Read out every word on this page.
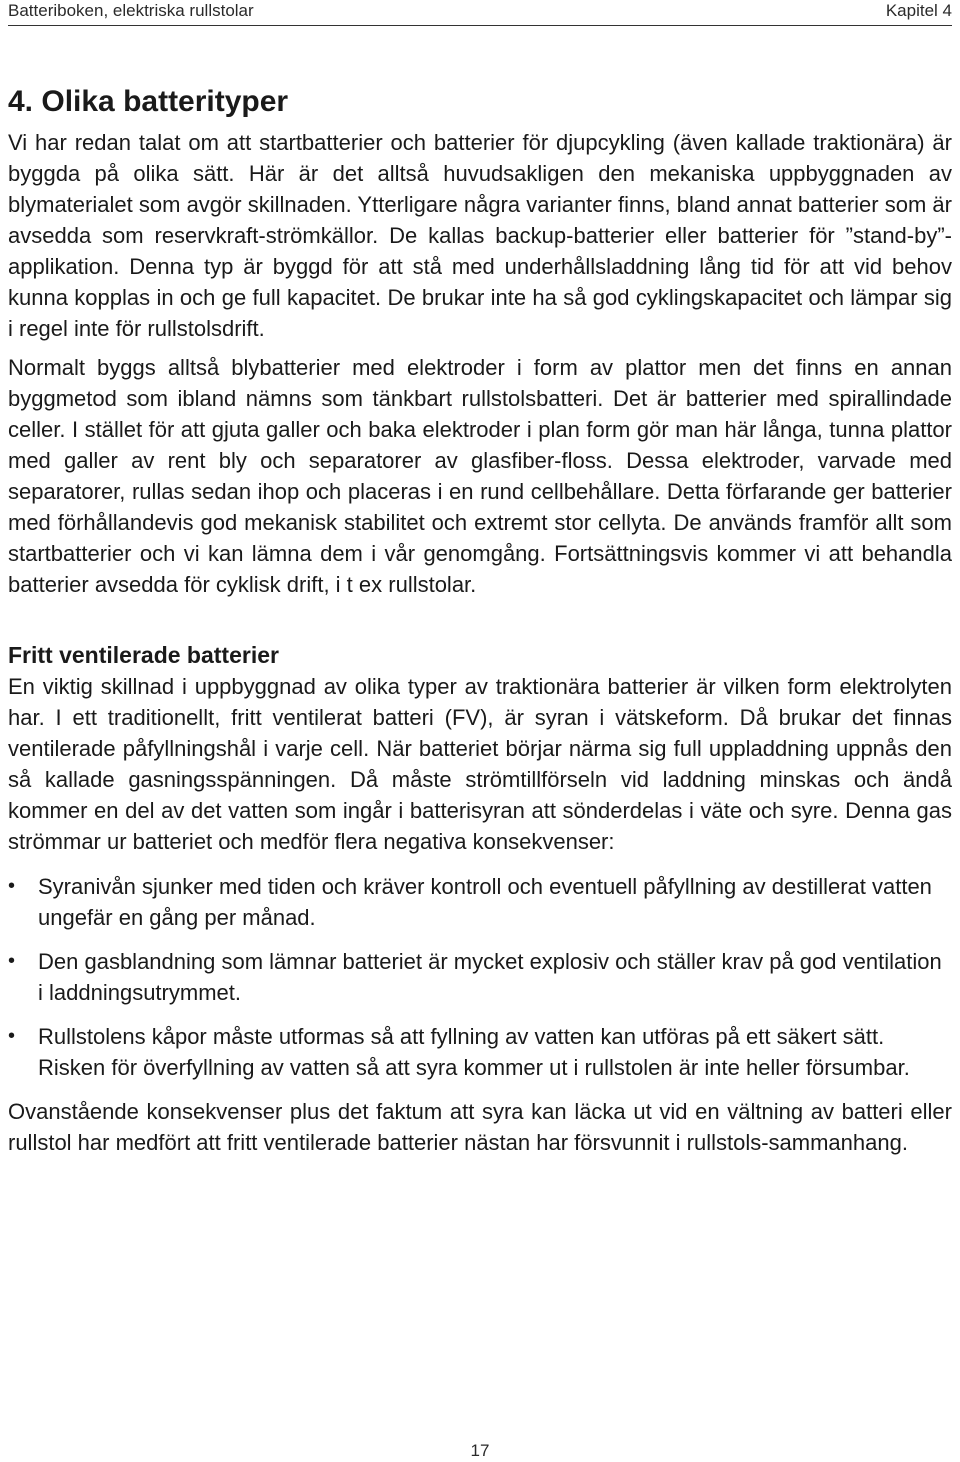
Batteriboken, elektriska rullstolar	Kapitel 4
4. Olika batterityper

Vi har redan talat om att startbatterier och batterier för djupcykling (även kallade traktionära) är byggda på olika sätt. Här är det alltså huvudsakligen den mekaniska uppbyggnaden av blymaterialet som avgör skillnaden. Ytterligare några varianter finns, bland annat batterier som är avsedda som reservkraft-strömkällor. De kallas backup-batterier eller batterier för ”stand-by”-applikation. Denna typ är byggd för att stå med underhållsladdning lång tid för att vid behov kunna kopplas in och ge full kapacitet. De brukar inte ha så god cyklingskapacitet och lämpar sig i regel inte för rullstolsdrift.

Normalt byggs alltså blybatterier med elektroder i form av plattor men det finns en annan byggmetod som ibland nämns som tänkbart rullstolsbatteri. Det är batterier med spirallindade celler. I stället för att gjuta galler och baka elektroder i plan form gör man här långa, tunna plattor med galler av rent bly och separatorer av glasfiber-floss. Dessa elektroder, varvade med separatorer, rullas sedan ihop och placeras i en rund cellbehållare. Detta förfarande ger batterier med förhållandevis god mekanisk stabilitet och extremt stor cellyta. De används framför allt som startbatterier och vi kan lämna dem i vår genomgång. Fortsättningsvis kommer vi att behandla batterier avsedda för cyklisk drift, i t ex rullstolar.

Fritt ventilerade batterier

En viktig skillnad i uppbyggnad av olika typer av traktionära batterier är vilken form elektrolyten har. I ett traditionellt, fritt ventilerat batteri (FV), är syran i vätskeform. Då brukar det finnas ventilerade påfyllningshål i varje cell. När batteriet börjar närma sig full uppladdning uppnås den så kallade gasningsspänningen. Då måste strömtillförseln vid laddning minskas och ändå kommer en del av det vatten som ingår i batterisyran att sönderdelas i väte och syre. Denna gas strömmar ur batteriet och medför flera negativa konsekvenser:

•	Syranivån sjunker med tiden och kräver kontroll och eventuell påfyllning av destillerat vatten ungefär en gång per månad.
•	Den gasblandning som lämnar batteriet är mycket explosiv och ställer krav på god ventilation i laddningsutrymmet.
•	Rullstolens kåpor måste utformas så att fyllning av vatten kan utföras på ett säkert sätt. Risken för överfyllning av vatten så att syra kommer ut i rullstolen är inte heller försumbar.

Ovanstående konsekvenser plus det faktum att syra kan läcka ut vid en vältning av batteri eller rullstol har medfört att fritt ventilerade batterier nästan har försvunnit i rullstols-sammanhang.

17
